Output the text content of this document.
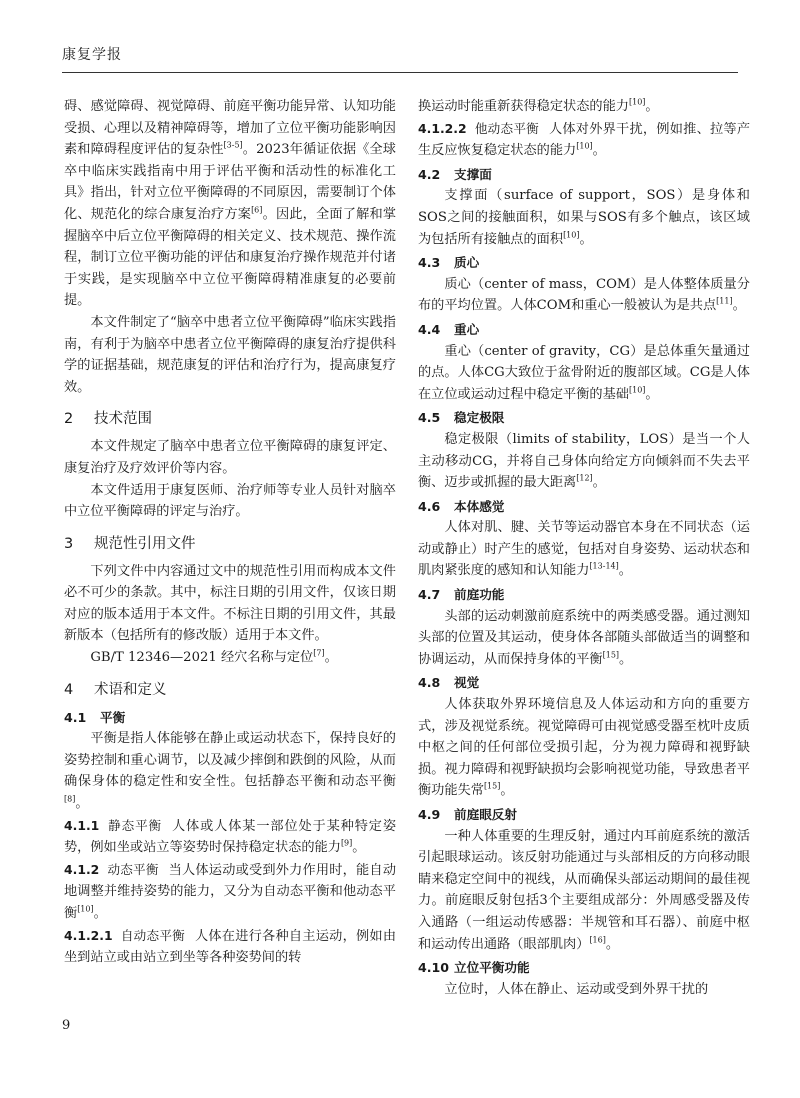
康复学报

碍、感觉障碍、视觉障碍、前庭平衡功能异常、认知功能受损、心理以及精神障碍等，增加了立位平衡功能影响因素和障碍程度评估的复杂性[3-5]。2023年循证依据《全球卒中临床实践指南中用于评估平衡和活动性的标准化工具》指出，针对立位平衡障碍的不同原因，需要制订个体化、规范化的综合康复治疗方案[6]。因此，全面了解和掌握脑卒中后立位平衡障碍的相关定义、技术规范、操作流程，制订立位平衡功能的评估和康复治疗操作规范并付诸于实践，是实现脑卒中立位平衡障碍精准康复的必要前提。

本文件制定了“脑卒中患者立位平衡障碍”临床实践指南，有利于为脑卒中患者立位平衡障碍的康复治疗提供科学的证据基础，规范康复的评估和治疗行为，提高康复疗效。

2 技术范围

本文件规定了脑卒中患者立位平衡障碍的康复评定、康复治疗及疗效评价等内容。

本文件适用于康复医师、治疗师等专业人员针对脑卒中立位平衡障碍的评定与治疗。

3 规范性引用文件

下列文件中内容通过文中的规范性引用而构成本文件必不可少的条款。其中，标注日期的引用文件，仅该日期对应的版本适用于本文件。不标注日期的引用文件，其最新版本（包括所有的修改版）适用于本文件。

GB/T 12346—2021 经穴名称与定位[7]。

4 术语和定义
4.1 平衡

平衡是指人体能够在静止或运动状态下，保持良好的姿势控制和重心调节，以及减少摔倒和跌倒的风险，从而确保身体的稳定性和安全性。包括静态平衡和动态平衡[8]。

4.1.1 静态平衡 人体或人体某一部位处于某种特定姿势，例如坐或站立等姿势时保持稳定状态的能力[9]。

4.1.2 动态平衡 当人体运动或受到外力作用时，能自动地调整并维持姿势的能力，又分为自动态平衡和他动态平衡[10]。

4.1.2.1 自动态平衡 人体在进行各种自主运动，例如由坐到站立或由站立到坐等各种姿势间的转

换运动时能重新获得稳定状态的能力[10]。

4.1.2.2 他动态平衡 人体对外界干扰，例如推、拉等产生反应恢复稳定状态的能力[10]。

4.2 支撑面

支撑面（surface of support，SOS）是身体和SOS之间的接触面积，如果与SOS有多个触点，该区域为包括所有接触点的面积[10]。

4.3 质心

质心（center of mass，COM）是人体整体质量分布的平均位置。人体COM和重心一般被认为是共点[11]。

4.4 重心

重心（center of gravity，CG）是总体重矢量通过的点。人体CG大致位于盆骨附近的腹部区域。CG是人体在立位或运动过程中稳定平衡的基础[10]。

4.5 稳定极限

稳定极限（limits of stability，LOS）是当一个人主动移动CG，并将自己身体向给定方向倾斜而不失去平衡、迈步或抓握的最大距离[12]。

4.6 本体感觉

人体对肌、腱、关节等运动器官本身在不同状态（运动或静止）时产生的感觉，包括对自身姿势、运动状态和肌肉紧张度的感知和认知能力[13-14]。

4.7 前庭功能

头部的运动刺激前庭系统中的两类感受器。通过测知头部的位置及其运动，使身体各部随头部做适当的调整和协调运动，从而保持身体的平衡[15]。

4.8 视觉

人体获取外界环境信息及人体运动和方向的重要方式，涉及视觉系统。视觉障碍可由视觉感受器至枕叶皮质中枢之间的任何部位受损引起，分为视力障碍和视野缺损。视力障碍和视野缺损均会影响视觉功能，导致患者平衡功能失常[15]。

4.9 前庭眼反射

一种人体重要的生理反射，通过内耳前庭系统的激活引起眼球运动。该反射功能通过与头部相反的方向移动眼睛来稳定空间中的视线，从而确保头部运动期间的最佳视力。前庭眼反射包括3个主要组成部分：外周感受器及传入通路（一组运动传感器：半规管和耳石器）、前庭中枢和运动传出通路（眼部肌肉）[16]。

4.10 立位平衡功能

立位时，人体在静止、运动或受到外界干扰的

9
